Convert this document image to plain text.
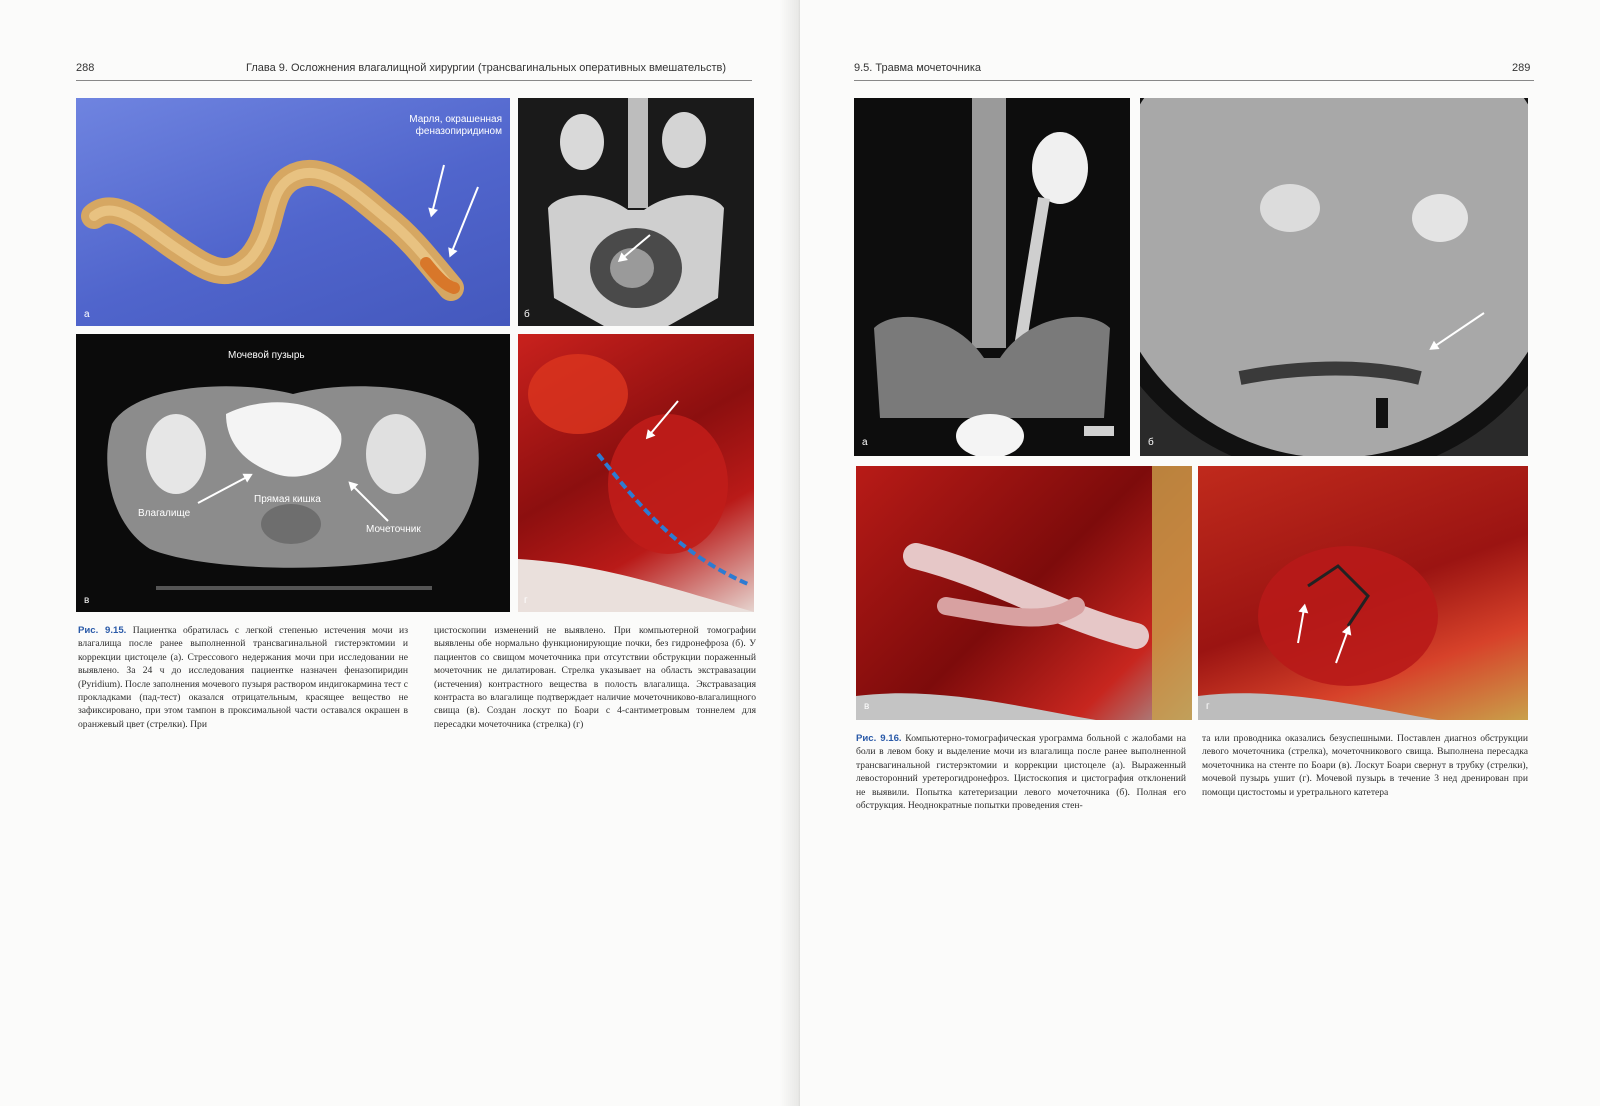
288	Глава 9. Осложнения влагалищной хирургии (трансвагинальных оперативных вмешательств)
Марля, окрашенная феназопиридином
а	б
Мочевой пузырь
Влагалище
Прямая кишка
Мочеточник
в	г
Рис. 9.15. Пациентка обратилась с легкой степенью истечения мочи из влагалища после ранее выполненной трансвагинальной гистерэктомии и коррекции цистоцеле (а). Стрессового недержания мочи при исследовании не выявлено. За 24 ч до исследования пациентке назначен феназопиридин (Pyridium). После заполнения мочевого пузыря раствором индигокармина тест с прокладками (пад-тест) оказался отрицательным, красящее вещество не зафиксировано, при этом тампон в проксимальной части оставался окрашен в оранжевый цвет (стрелки). При
цистоскопии изменений не выявлено. При компьютерной томографии выявлены обе нормально функционирующие почки, без гидронефроза (б). У пациентов со свищом мочеточника при отсутствии обструкции пораженный мочеточник не дилатирован. Стрелка указывает на область экстравазации (истечения) контрастного вещества в полость влагалища. Экстравазация контраста во влагалище подтверждает наличие мочеточниково-влагалищного свища (в). Создан лоскут по Боари с 4-сантиметровым тоннелем для пересадки мочеточника (стрелка) (г)
9.5. Травма мочеточника	289
а	б
в	г
Рис. 9.16. Компьютерно-томографическая урограмма больной с жалобами на боли в левом боку и выделение мочи из влагалища после ранее выполненной трансвагинальной гистерэктомии и коррекции цистоцеле (а). Выраженный левосторонний уретерогидронефроз. Цистоскопия и цистография отклонений не выявили. Попытка катетеризации левого мочеточника (б). Полная его обструкция. Неоднократные попытки проведения стен-
та или проводника оказались безуспешными. Поставлен диагноз обструкции левого мочеточника (стрелка), мочеточникового свища. Выполнена пересадка мочеточника на стенте по Боари (в). Лоскут Боари свернут в трубку (стрелки), мочевой пузырь ушит (г). Мочевой пузырь в течение 3 нед дренирован при помощи цистостомы и уретрального катетера
